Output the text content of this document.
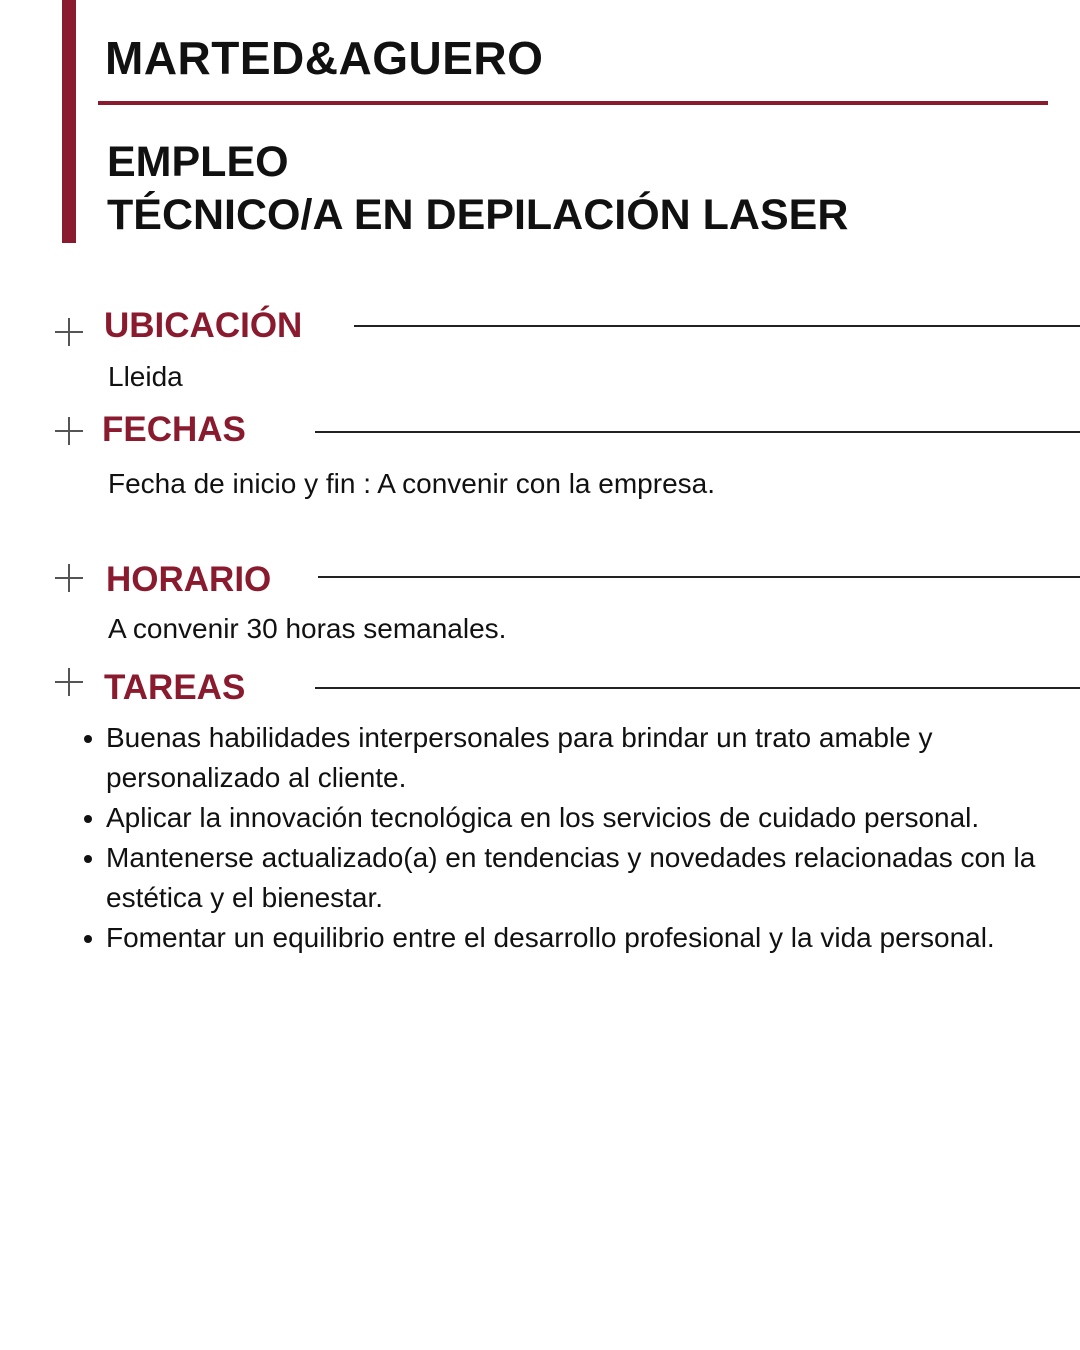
MARTED&AGUERO
EMPLEO
TÉCNICO/A EN DEPILACIÓN LASER
UBICACIÓN

Lleida

FECHAS

Fecha de inicio y fin : A convenir con la empresa.

HORARIO

A convenir 30 horas semanales.

TAREAS
Buenas habilidades interpersonales para brindar un trato amable y personalizado al cliente.
Aplicar la innovación tecnológica en los servicios de cuidado personal.
Mantenerse actualizado(a) en tendencias y novedades relacionadas con la estética y el bienestar.
Fomentar un equilibrio entre el desarrollo profesional y la vida personal.
